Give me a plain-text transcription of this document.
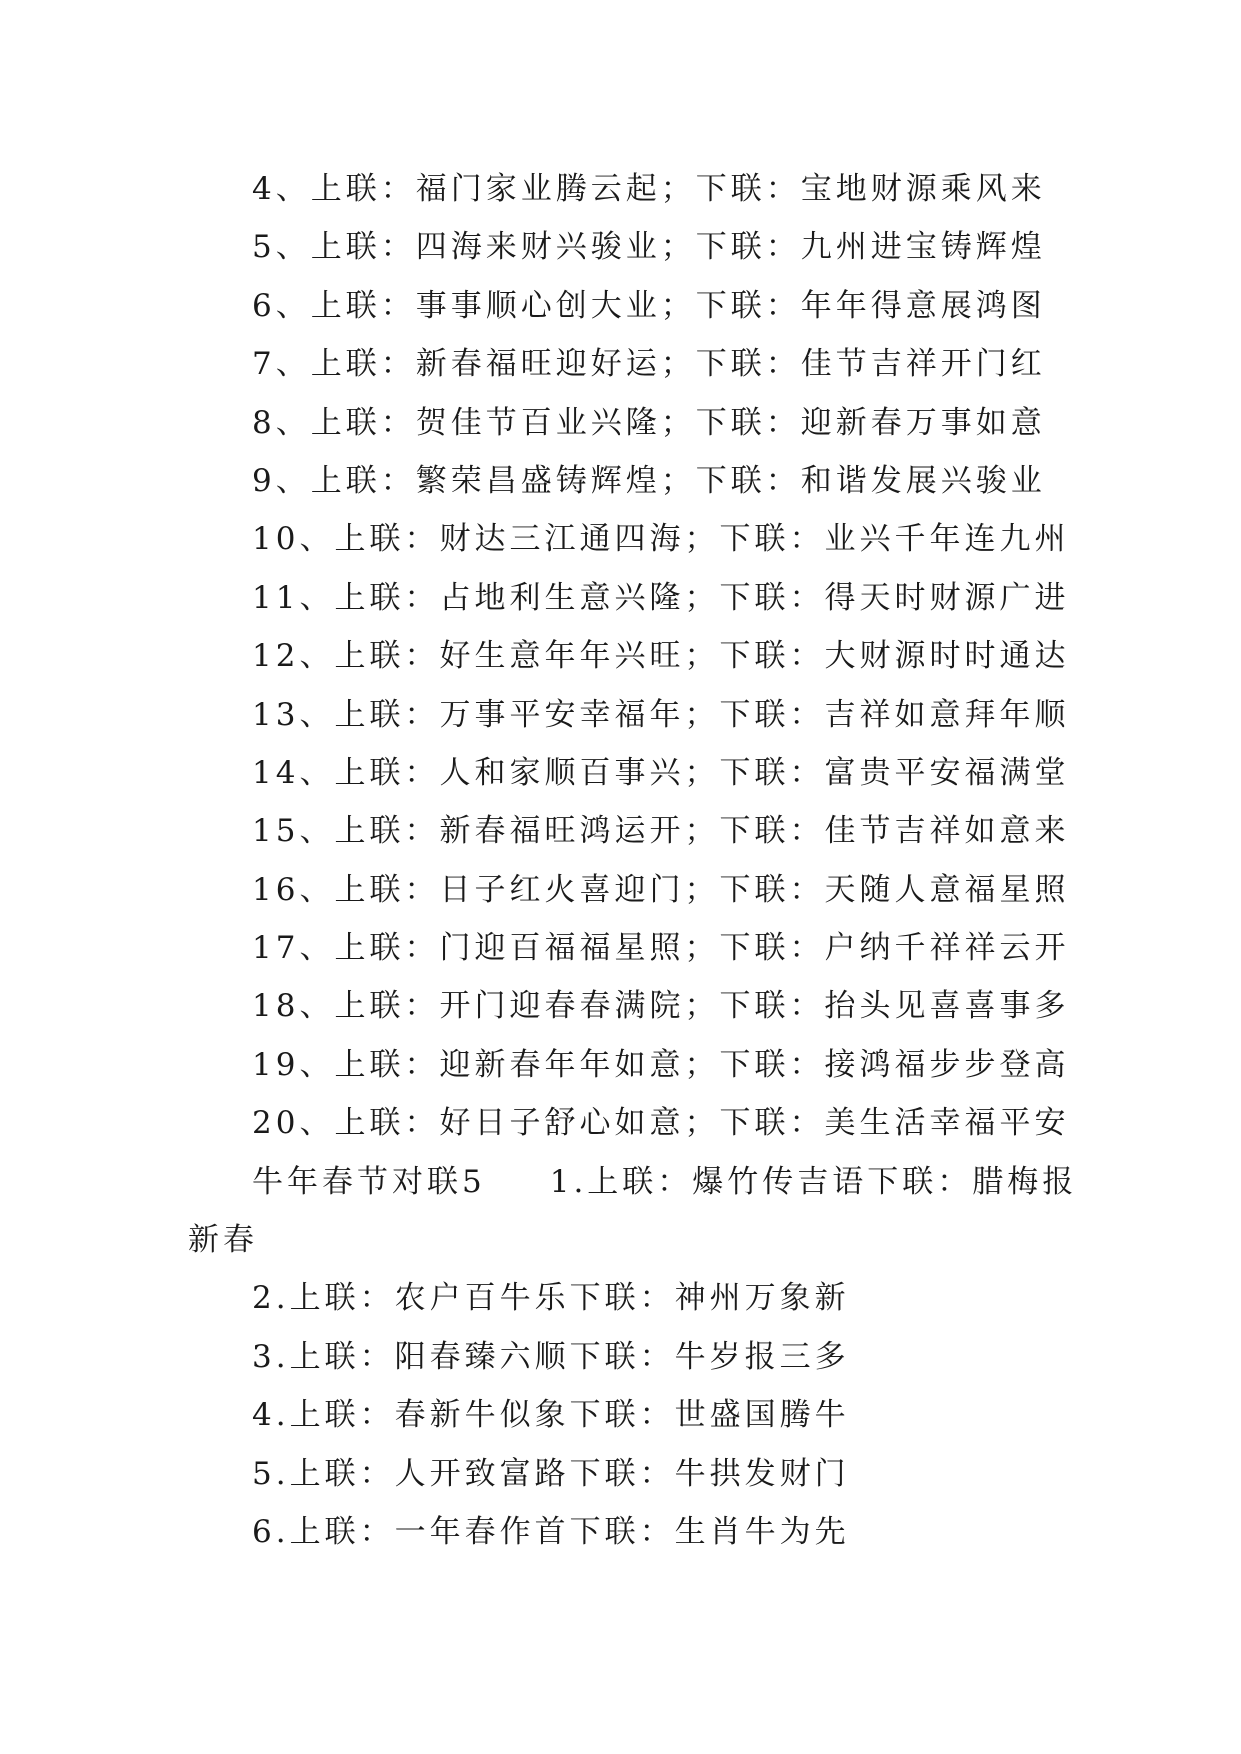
4、上联：福门家业腾云起；下联：宝地财源乘风来
5、上联：四海来财兴骏业；下联：九州进宝铸辉煌
6、上联：事事顺心创大业；下联：年年得意展鸿图
7、上联：新春福旺迎好运；下联：佳节吉祥开门红
8、上联：贺佳节百业兴隆；下联：迎新春万事如意
9、上联：繁荣昌盛铸辉煌；下联：和谐发展兴骏业
10、上联：财达三江通四海；下联：业兴千年连九州
11、上联：占地利生意兴隆；下联：得天时财源广进
12、上联：好生意年年兴旺；下联：大财源时时通达
13、上联：万事平安幸福年；下联：吉祥如意拜年顺
14、上联：人和家顺百事兴；下联：富贵平安福满堂
15、上联：新春福旺鸿运开；下联：佳节吉祥如意来
16、上联：日子红火喜迎门；下联：天随人意福星照
17、上联：门迎百福福星照；下联：户纳千祥祥云开
18、上联：开门迎春春满院；下联：抬头见喜喜事多
19、上联：迎新春年年如意；下联：接鸿福步步登高
20、上联：好日子舒心如意；下联：美生活幸福平安
牛年春节对联5 1.上联：爆竹传吉语下联：腊梅报
新春
2.上联：农户百牛乐下联：神州万象新
3.上联：阳春臻六顺下联：牛岁报三多
4.上联：春新牛似象下联：世盛国腾牛
5.上联：人开致富路下联：牛拱发财门
6.上联：一年春作首下联：生肖牛为先
